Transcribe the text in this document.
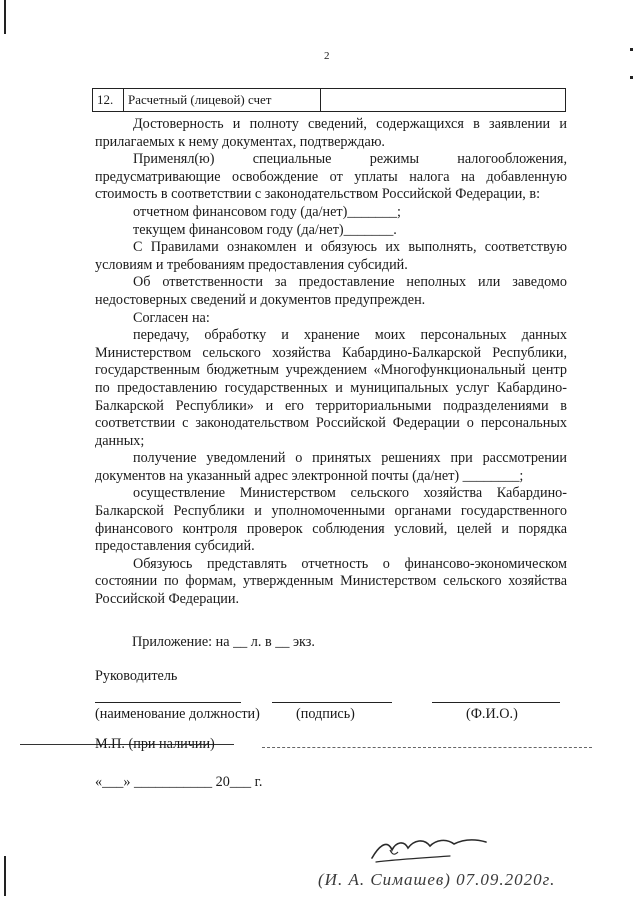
2
12.	Расчетный (лицевой) счет	

Достоверность и полноту сведений, содержащихся в заявлении и прилагаемых к нему документах, подтверждаю.

Применял(ю) специальные режимы налогообложения, предусматривающие освобождение от уплаты налога на добавленную стоимость в соответствии с законодательством Российской Федерации, в:

отчетном финансовом году (да/нет)_______;

текущем финансовом году (да/нет)_______.

С Правилами ознакомлен и обязуюсь их выполнять, соответствую условиям и требованиям предоставления субсидий.

Об ответственности за предоставление неполных или заведомо недостоверных сведений и документов предупрежден.

Согласен на:

передачу, обработку и хранение моих персональных данных Министерством сельского хозяйства Кабардино-Балкарской Республики, государственным бюджетным учреждением «Многофункциональный центр по предоставлению государственных и муниципальных услуг Кабардино-Балкарской Республики» и его территориальными подразделениями в соответствии с законодательством Российской Федерации о персональных данных;

получение уведомлений о принятых решениях при рассмотрении документов на указанный адрес электронной почты (да/нет) ________;

осуществление Министерством сельского хозяйства Кабардино-Балкарской Республики и уполномоченными органами государственного финансового контроля проверок соблюдения условий, целей и порядка предоставления субсидий.

Обязуюсь представлять отчетность о финансово-экономическом состоянии по формам, утвержденным Министерством сельского хозяйства Российской Федерации.

Приложение: на __ л. в __ экз.
Руководитель
(наименование должности)	(подпись)	(Ф.И.О.)
М.П. (при наличии)
«___» ___________ 20___ г.
(И. А. Симашев) 07.09.2020г.
